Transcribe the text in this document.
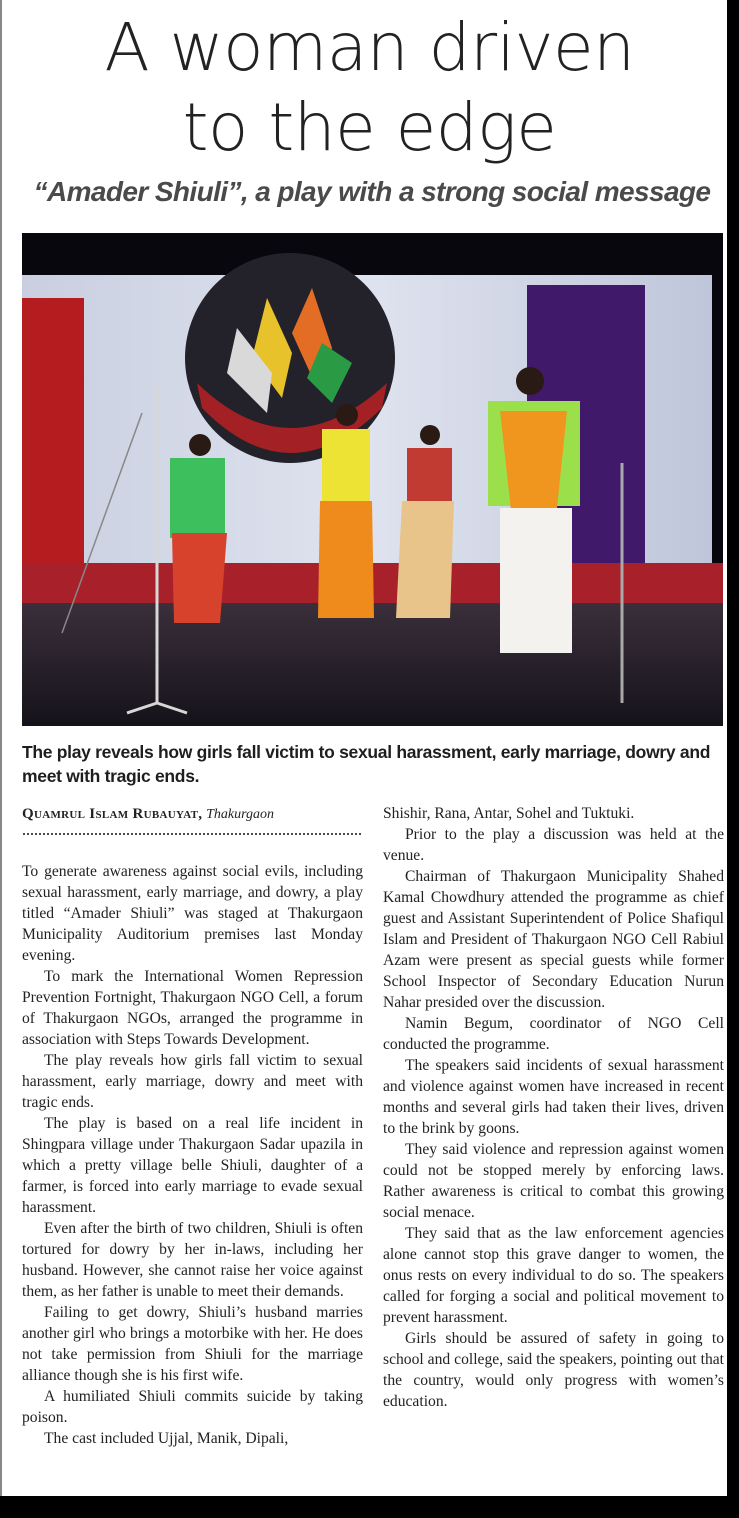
A woman driven
to the edge
“Amader Shiuli”, a play with a strong social message
The play reveals how girls fall victim to sexual harassment, early marriage, dowry and meet with tragic ends.
Quamrul Islam Rubauyat, Thakurgaon

To generate awareness against social evils, including sexual harassment, early marriage, and dowry, a play titled “Amader Shiuli” was staged at Thakurgaon Municipality Auditorium premises last Monday evening.

To mark the International Women Repression Prevention Fortnight, Thakurgaon NGO Cell, a forum of Thakurgaon NGOs, arranged the programme in association with Steps Towards Development.

The play reveals how girls fall victim to sexual harassment, early marriage, dowry and meet with tragic ends.

The play is based on a real life incident in Shingpara village under Thakurgaon Sadar upazila in which a pretty village belle Shiuli, daughter of a farmer, is forced into early marriage to evade sexual harassment.

Even after the birth of two children, Shiuli is often tortured for dowry by her in-laws, including her husband. However, she cannot raise her voice against them, as her father is unable to meet their demands.

Failing to get dowry, Shiuli’s husband marries another girl who brings a motorbike with her. He does not take permission from Shiuli for the marriage alliance though she is his first wife.

A humiliated Shiuli commits suicide by taking poison.

The cast included Ujjal, Manik, Dipali,

Shishir, Rana, Antar, Sohel and Tuktuki.

Prior to the play a discussion was held at the venue.

Chairman of Thakurgaon Municipality Shahed Kamal Chowdhury attended the programme as chief guest and Assistant Superintendent of Police Shafiqul Islam and President of Thakurgaon NGO Cell Rabiul Azam were present as special guests while former School Inspector of Secondary Education Nurun Nahar presided over the discussion.

Namin Begum, coordinator of NGO Cell conducted the programme.

The speakers said incidents of sexual harassment and violence against women have increased in recent months and several girls had taken their lives, driven to the brink by goons.

They said violence and repression against women could not be stopped merely by enforcing laws. Rather awareness is critical to combat this growing social menace.

They said that as the law enforcement agencies alone cannot stop this grave danger to women, the onus rests on every individual to do so. The speakers called for forging a social and political movement to prevent harassment.

Girls should be assured of safety in going to school and college, said the speakers, pointing out that the country, would only progress with women’s education.
